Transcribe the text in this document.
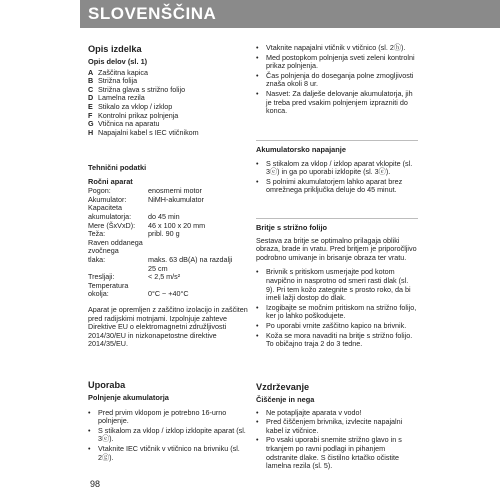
SLOVENŠČINA

Opis izdelka

Opis delov (sl. 1)

A Zaščitna kapica
B Strižna folija
C Strižna glava s strižno folijo
D Lamelna rezila
E Stikalo za vklop / izklop
F Kontrolni prikaz polnjenja
G Vtičnica na aparatu
H Napajalni kabel s IEC vtičnikom

Tehnični podatki

Ročni aparat

Pogon:	enosmerni motor
Akumulator:	NiMH-akumulator
Kapaciteta
akumulatorja:	do 45 min
Mere (ŠxVxD):	46 x 100 x 20 mm
Teža:	pribl. 90 g
Raven oddanega
zvočnega
tlaka:	maks. 63 dB(A) na razdalji
25 cm
Tresljaji:	< 2,5 m/s²
Temperatura
okolja:	0°C ~ +40°C
Aparat je opremljen z zaščitno izolacijo in zaščiten pred radijskimi motnjami. Izpolnjuje zahteve Direktive EU o elektromagnetni združljivosti 2014/30/EU in nizkonapetostne direktive 2014/35/EU.

Uporaba

Polnjenje akumulatorja

•	Pred prvim vklopom je potrebno 16-urno polnjenje.
•	S stikalom za vklop / izklop izklopite aparat (sl. 3ⓔ).
•	Vtaknite IEC vtičnik v vtičnico na brivniku (sl. 2ⓖ).
•	Vtaknite napajalni vtičnik v vtičnico (sl. 2ⓗ).
•	Med postopkom polnjenja sveti zeleni kontrolni prikaz polnjenja.
•	Čas polnjenja do doseganja polne zmogljivosti znaša okoli 8 ur.
•	Nasvet: Za dalješe delovanje akumulatorja, jih je treba pred vsakim polnjenjem izprazniti do konca.

Akumulatorsko napajanje

•	S stikalom za vklop / izklop aparat vklopite (sl. 3ⓔ) in ga po uporabi izklopite (sl. 3ⓔ).
•	S polnimi akumulatorjem lahko aparat brez omrežnega priključka deluje do 45 minut.

Britje s strižno folijo

Sestava za britje se optimalno prilagaja obliki obraza, brade in vratu. Pred britjem je priporočljivo podrobno umivanje in brisanje obraza ter vratu.
•	Brivnik s pritiskom usmerjajte pod kotom navpično in nasprotno od smeri rasti dlak (sl. 9). Pri tem kožo zategnite s prosto roko, da bi imeli lažji dostop do dlak.
•	Izogibajte se močnim pritiskom na strižno folijo, ker jo lahko poškodujete.
•	Po uporabi vrnite zaščitno kapico na brivnik.
•	Koža se mora navaditi na britje s strižno folijo. To običajno traja 2 do 3 tedne.

Vzdrževanje

Čiščenje in nega

•	Ne potapljajte aparata v vodo!
•	Pred čiščenjem brivnika, izvlecite napajalni kabel iz vtičnice.
•	Po vsaki uporabi snemite strižno glavo in s trkanjem po ravni podlagi in pihanjem odstranite dlake. S čistilno krtačko očistite lamelna rezila (sl. 5).
98
